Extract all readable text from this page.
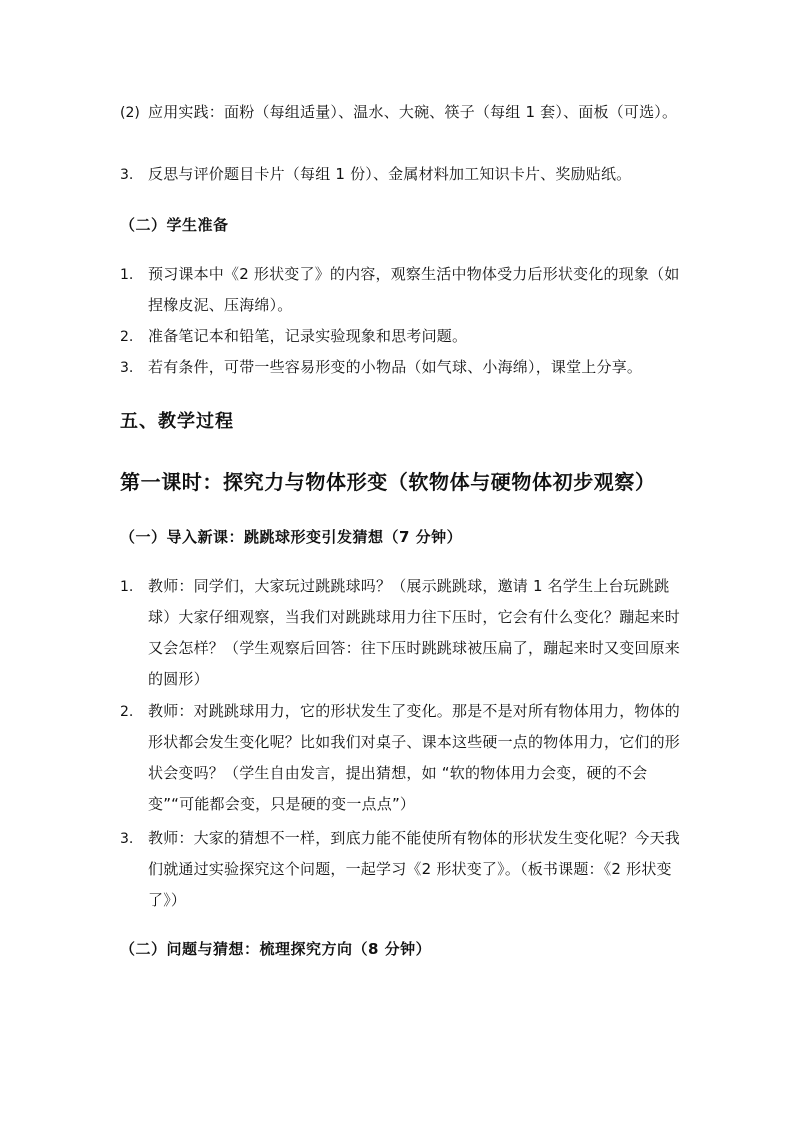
(2) 应用实践：面粉（每组适量）、温水、大碗、筷子（每组 1 套）、面板（可选）。
3. 反思与评价题目卡片（每组 1 份）、金属材料加工知识卡片、奖励贴纸。
（二）学生准备
1. 预习课本中《2 形状变了》的内容，观察生活中物体受力后形状变化的现象（如捏橡皮泥、压海绵）。
2. 准备笔记本和铅笔，记录实验现象和思考问题。
3. 若有条件，可带一些容易形变的小物品（如气球、小海绵），课堂上分享。
五、教学过程
第一课时：探究力与物体形变（软物体与硬物体初步观察）
（一）导入新课：跳跳球形变引发猜想（7 分钟）
1. 教师：同学们，大家玩过跳跳球吗？（展示跳跳球，邀请 1 名学生上台玩跳跳球）大家仔细观察，当我们对跳跳球用力往下压时，它会有什么变化？蹦起来时又会怎样？（学生观察后回答：往下压时跳跳球被压扁了，蹦起来时又变回原来的圆形）
2. 教师：对跳跳球用力，它的形状发生了变化。那是不是对所有物体用力，物体的形状都会发生变化呢？比如我们对桌子、课本这些硬一点的物体用力，它们的形状会变吗？（学生自由发言，提出猜想，如 “软的物体用力会变，硬的不会变”“可能都会变，只是硬的变一点点”）
3. 教师：大家的猜想不一样，到底力能不能使所有物体的形状发生变化呢？今天我们就通过实验探究这个问题，一起学习《2 形状变了》。（板书课题：《2 形状变了》）
（二）问题与猜想：梳理探究方向（8 分钟）
